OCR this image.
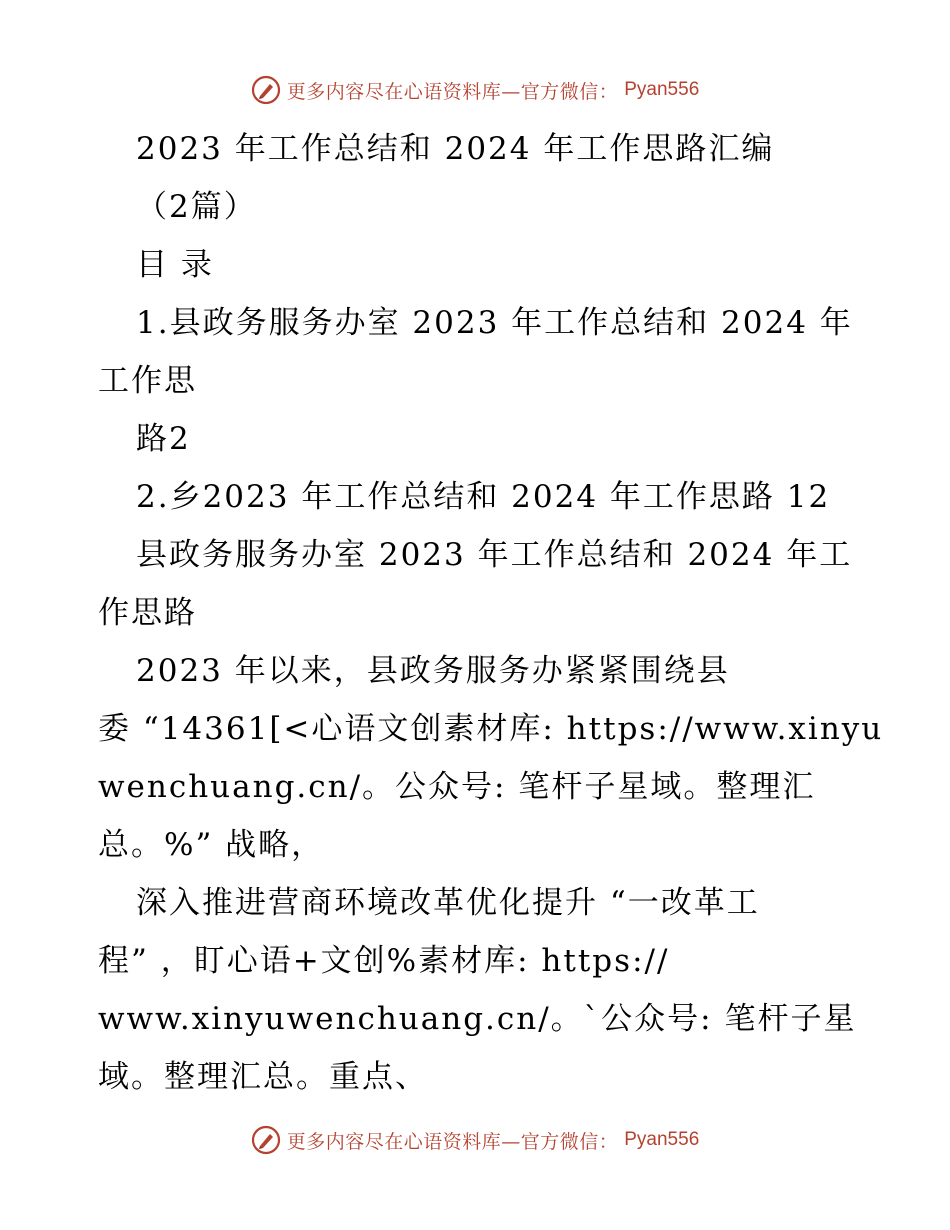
更多内容尽在心语资料库—官方微信： Pyan556
2023 年工作总结和 2024 年工作思路汇编
（2篇）
目 录
1.县政务服务办室 2023 年工作总结和 2024 年
工作思
路2
2.乡2023 年工作总结和 2024 年工作思路 12
县政务服务办室 2023 年工作总结和 2024 年工
作思路
2023 年以来，县政务服务办紧紧围绕县
委 “14361[<心语文创素材库: https://www.xinyu
wenchuang.cn/。公众号: 笔杆子星域。整理汇
总。%” 战略，
深入推进营商环境改革优化提升 “一改革工
程” ，盯心语+文创%素材库: https://
www.xinyuwenchuang.cn/。`公众号: 笔杆子星
域。整理汇总。重点、
更多内容尽在心语资料库—官方微信： Pyan556
